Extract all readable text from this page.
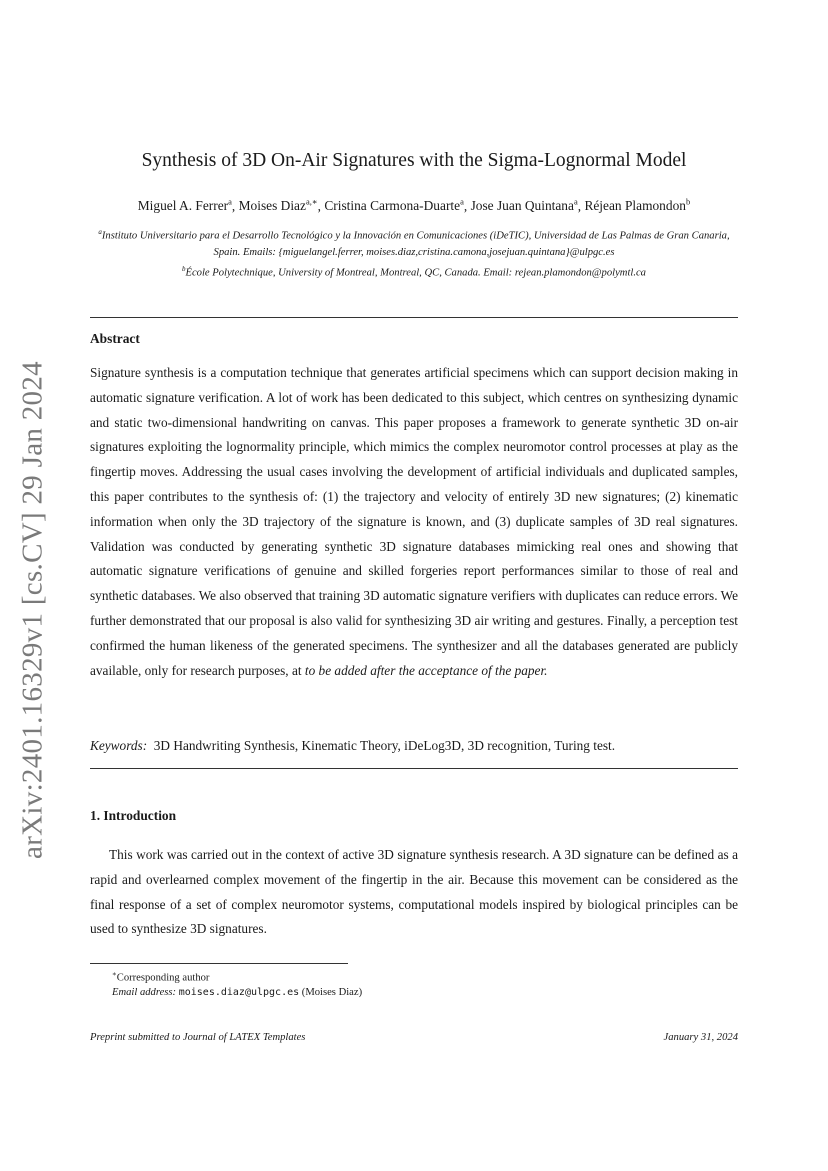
arXiv:2401.16329v1 [cs.CV] 29 Jan 2024
Synthesis of 3D On-Air Signatures with the Sigma-Lognormal Model
Miguel A. Ferrer$^a$, Moises Diaz$^{a,∗}$, Cristina Carmona-Duarte$^a$, Jose Juan Quintana$^a$, Réjean Plamondon$^b$
$^a$Instituto Universitario para el Desarrollo Tecnológico y la Innovación en Comunicaciones (iDeTIC), Universidad de Las Palmas de Gran Canaria, Spain. Emails: {miguelangel.ferrer, moises.diaz,cristina.camona,josejuan.quintana}@ulpgc.es
$^b$École Polytechnique, University of Montreal, Montreal, QC, Canada. Email: rejean.plamondon@polymtl.ca
Abstract
Signature synthesis is a computation technique that generates artificial specimens which can support decision making in automatic signature verification. A lot of work has been dedicated to this subject, which centres on synthesizing dynamic and static two-dimensional handwriting on canvas. This paper proposes a framework to generate synthetic 3D on-air signatures exploiting the lognormality principle, which mimics the complex neuromotor control processes at play as the fingertip moves. Addressing the usual cases involving the development of artificial individuals and duplicated samples, this paper contributes to the synthesis of: (1) the trajectory and velocity of entirely 3D new signatures; (2) kinematic information when only the 3D trajectory of the signature is known, and (3) duplicate samples of 3D real signatures. Validation was conducted by generating synthetic 3D signature databases mimicking real ones and showing that automatic signature verifications of genuine and skilled forgeries report performances similar to those of real and synthetic databases. We also observed that training 3D automatic signature verifiers with duplicates can reduce errors. We further demonstrated that our proposal is also valid for synthesizing 3D air writing and gestures. Finally, a perception test confirmed the human likeness of the generated specimens. The synthesizer and all the databases generated are publicly available, only for research purposes, at to be added after the acceptance of the paper.
Keywords: 3D Handwriting Synthesis, Kinematic Theory, iDeLog3D, 3D recognition, Turing test.
1. Introduction
This work was carried out in the context of active 3D signature synthesis research. A 3D signature can be defined as a rapid and overlearned complex movement of the fingertip in the air. Because this movement can be considered as the final response of a set of complex neuromotor systems, computational models inspired by biological principles can be used to synthesize 3D signatures.
∗Corresponding author
Email address: moises.diaz@ulpgc.es (Moises Diaz)
Preprint submitted to Journal of LATEX Templates	January 31, 2024
